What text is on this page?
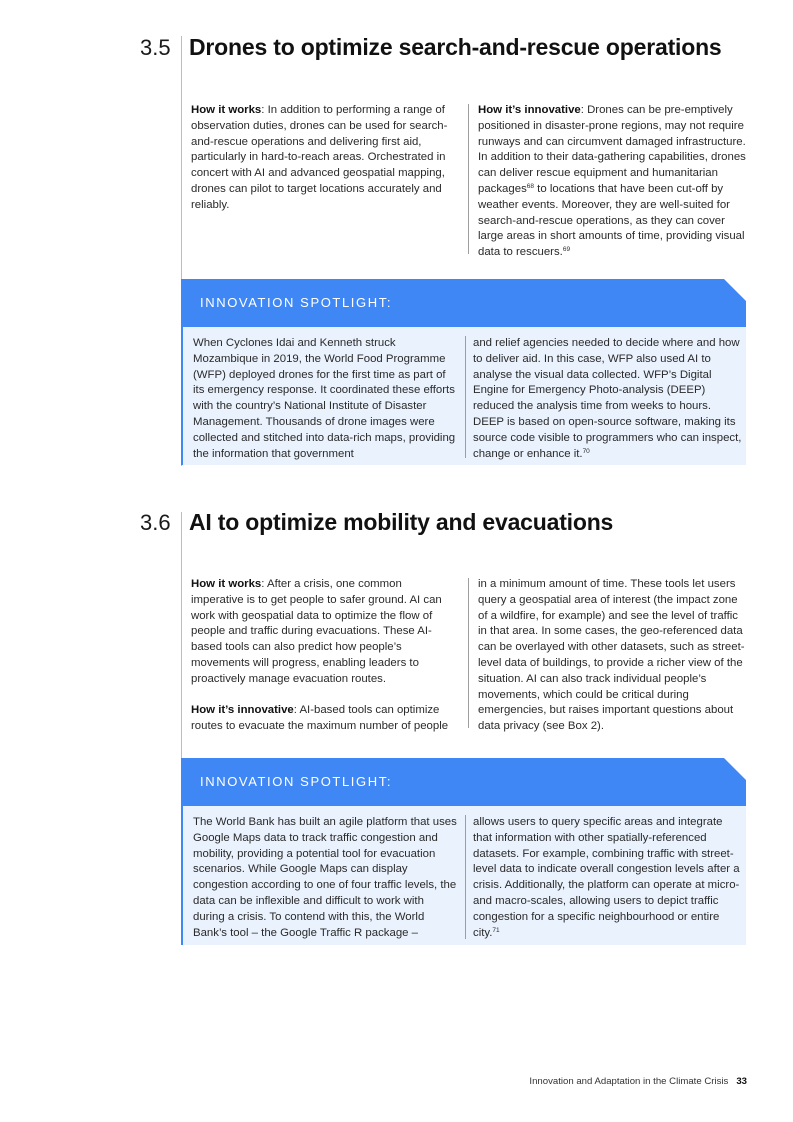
3.5 Drones to optimize search-and-rescue operations

How it works: In addition to performing a range of observation duties, drones can be used for search-and-rescue operations and delivering first aid, particularly in hard-to-reach areas. Orchestrated in concert with AI and advanced geospatial mapping, drones can pilot to target locations accurately and reliably.

How it’s innovative: Drones can be pre-emptively positioned in disaster-prone regions, may not require runways and can circumvent damaged infrastructure. In addition to their data-gathering capabilities, drones can deliver rescue equipment and humanitarian packages$^{68}$ to locations that have been cut-off by weather events. Moreover, they are well-suited for search-and-rescue operations, as they can cover large areas in short amounts of time, providing visual data to rescuers.$^{69}$

INNOVATION SPOTLIGHT:

When Cyclones Idai and Kenneth struck Mozambique in 2019, the World Food Programme (WFP) deployed drones for the first time as part of its emergency response. It coordinated these efforts with the country’s National Institute of Disaster Management. Thousands of drone images were collected and stitched into data-rich maps, providing the information that government

and relief agencies needed to decide where and how to deliver aid. In this case, WFP also used AI to analyse the visual data collected. WFP’s Digital Engine for Emergency Photo-analysis (DEEP) reduced the analysis time from weeks to hours. DEEP is based on open-source software, making its source code visible to programmers who can inspect, change or enhance it.$^{70}$

3.6 AI to optimize mobility and evacuations

How it works: After a crisis, one common imperative is to get people to safer ground. AI can work with geospatial data to optimize the flow of people and traffic during evacuations. These AI-based tools can also predict how people’s movements will progress, enabling leaders to proactively manage evacuation routes.

How it’s innovative: AI-based tools can optimize routes to evacuate the maximum number of people

in a minimum amount of time. These tools let users query a geospatial area of interest (the impact zone of a wildfire, for example) and see the level of traffic in that area. In some cases, the geo-referenced data can be overlayed with other datasets, such as street-level data of buildings, to provide a richer view of the situation. AI can also track individual people’s movements, which could be critical during emergencies, but raises important questions about data privacy (see Box 2).

INNOVATION SPOTLIGHT:

The World Bank has built an agile platform that uses Google Maps data to track traffic congestion and mobility, providing a potential tool for evacuation scenarios. While Google Maps can display congestion according to one of four traffic levels, the data can be inflexible and difficult to work with during a crisis. To contend with this, the World Bank’s tool – the Google Traffic R package –

allows users to query specific areas and integrate that information with other spatially-referenced datasets. For example, combining traffic with street-level data to indicate overall congestion levels after a crisis. Additionally, the platform can operate at micro- and macro-scales, allowing users to depict traffic congestion for a specific neighbourhood or entire city.$^{71}$

Innovation and Adaptation in the Climate Crisis 33
